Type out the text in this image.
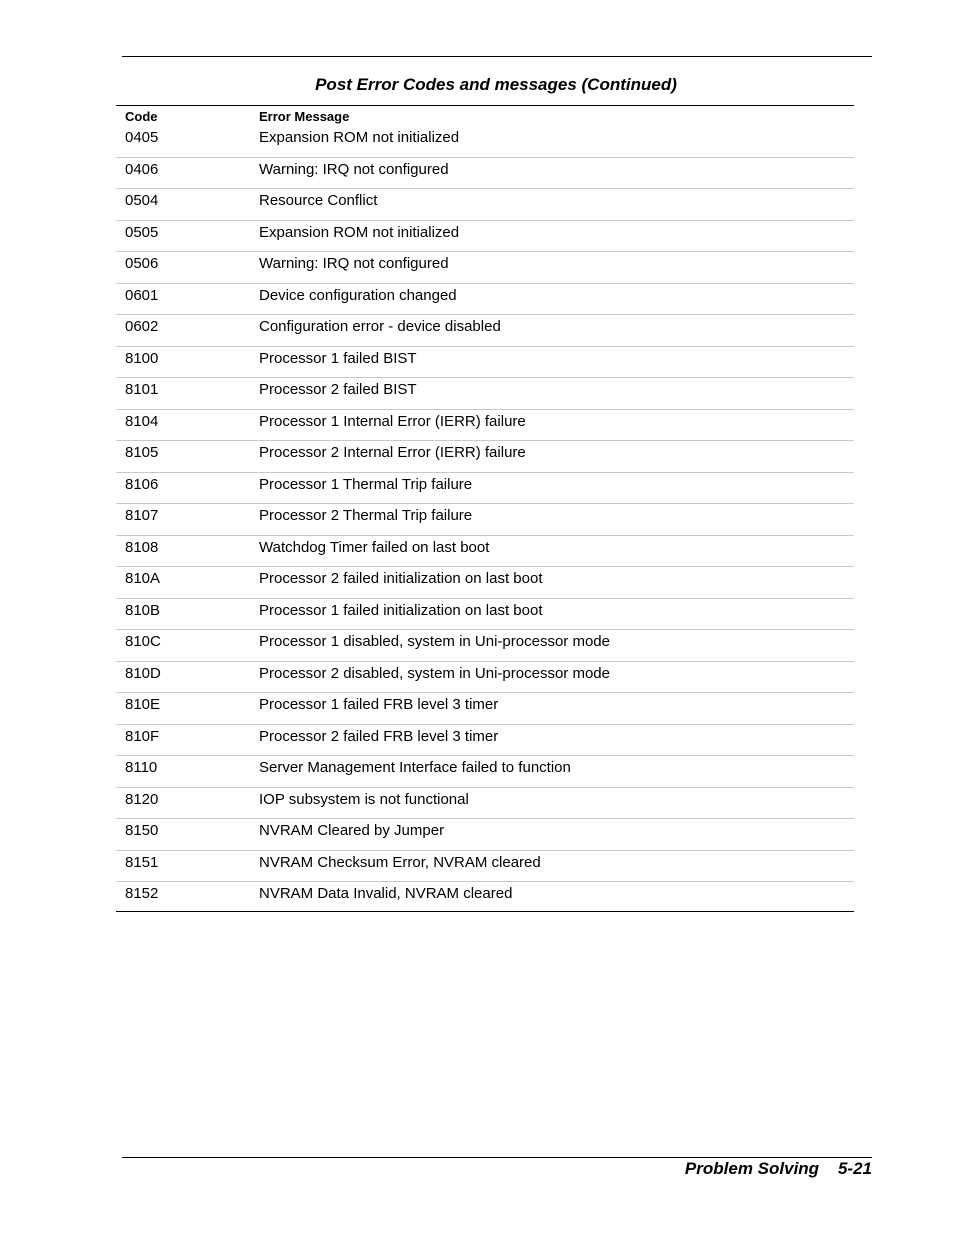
Post Error Codes and messages (Continued)
Code	Error Message
0405	Expansion ROM not initialized
0406	Warning: IRQ not configured
0504	Resource Conflict
0505	Expansion ROM not initialized
0506	Warning: IRQ not configured
0601	Device configuration changed
0602	Configuration error - device disabled
8100	Processor 1 failed BIST
8101	Processor 2 failed BIST
8104	Processor 1 Internal Error (IERR) failure
8105	Processor 2 Internal Error (IERR) failure
8106	Processor 1 Thermal Trip failure
8107	Processor 2 Thermal Trip failure
8108	Watchdog Timer failed on last boot
810A	Processor 2 failed initialization on last boot
810B	Processor 1 failed initialization on last boot
810C	Processor 1 disabled, system in Uni-processor mode
810D	Processor 2 disabled, system in Uni-processor mode
810E	Processor 1 failed FRB level 3 timer
810F	Processor 2 failed FRB level 3 timer
8110	Server Management Interface failed to function
8120	IOP subsystem is not functional
8150	NVRAM Cleared by Jumper
8151	NVRAM Checksum Error, NVRAM cleared
8152	NVRAM Data Invalid, NVRAM cleared
Problem Solving 5-21
